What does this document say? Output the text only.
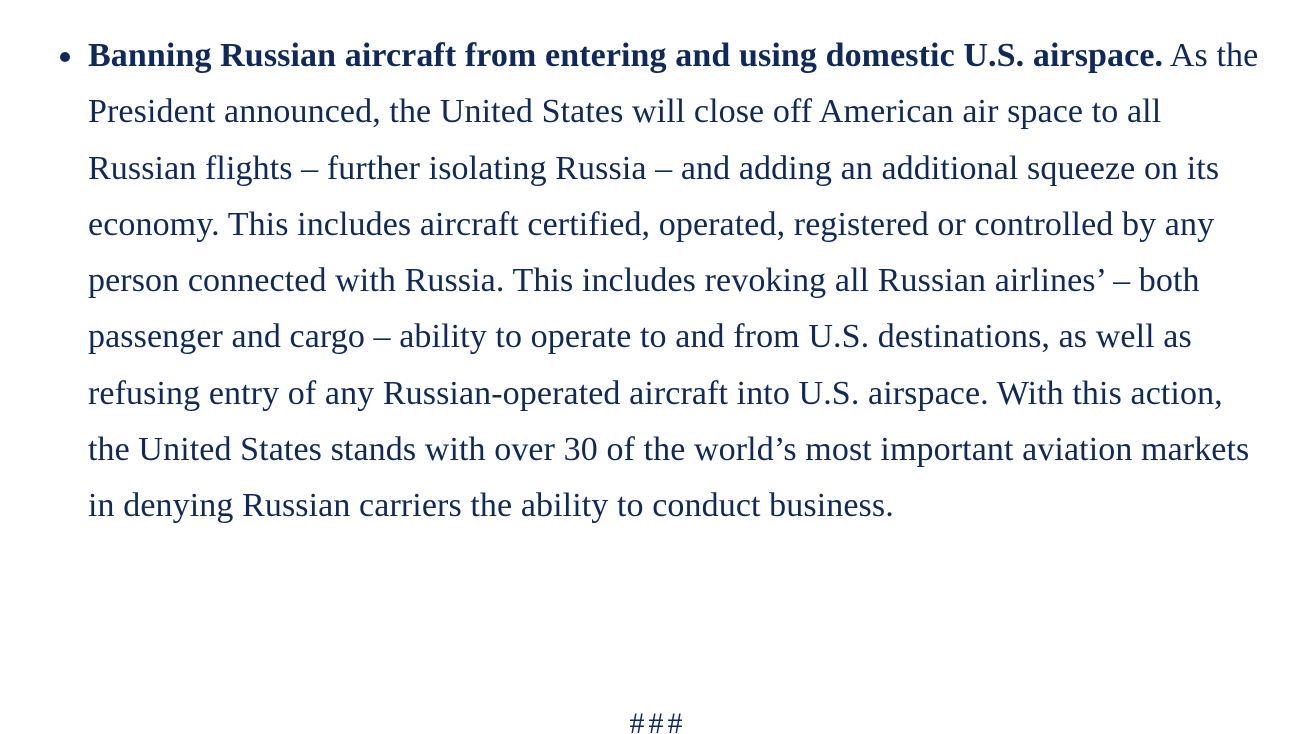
Banning Russian aircraft from entering and using domestic U.S. airspace. As the President announced, the United States will close off American air space to all Russian flights – further isolating Russia – and adding an additional squeeze on its economy. This includes aircraft certified, operated, registered or controlled by any person connected with Russia. This includes revoking all Russian airlines’ – both passenger and cargo – ability to operate to and from U.S. destinations, as well as refusing entry of any Russian-operated aircraft into U.S. airspace. With this action, the United States stands with over 30 of the world’s most important aviation markets in denying Russian carriers the ability to conduct business.
###
